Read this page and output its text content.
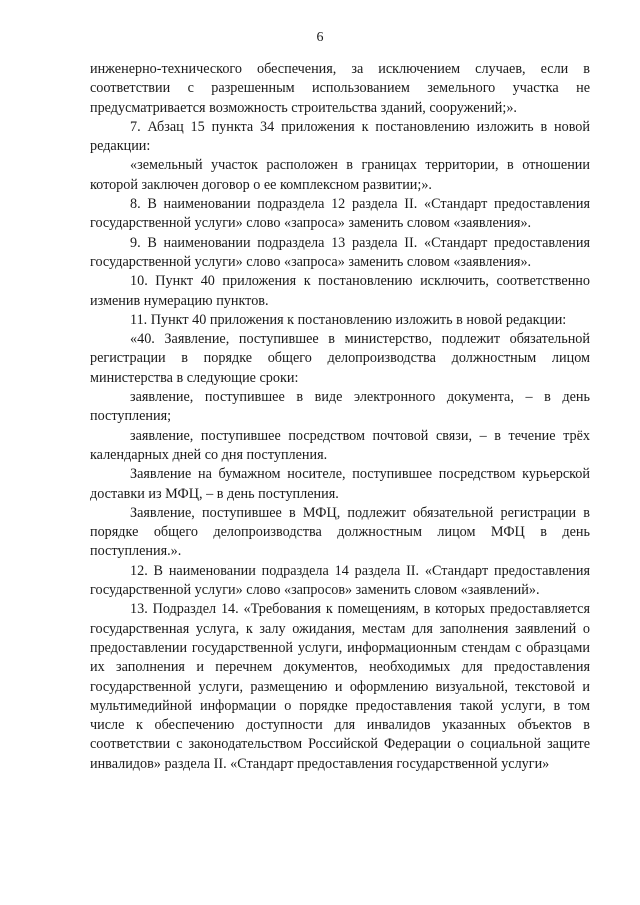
6

инженерно-технического обеспечения, за исключением случаев, если в соответствии с разрешенным использованием земельного участка не предусматривается возможность строительства зданий, сооружений;».

7. Абзац 15 пункта 34 приложения к постановлению изложить в новой редакции:

«земельный участок расположен в границах территории, в отношении которой заключен договор о ее комплексном развитии;».

8. В наименовании подраздела 12 раздела II. «Стандарт предоставления государственной услуги» слово «запроса» заменить словом «заявления».

9. В наименовании подраздела 13 раздела II. «Стандарт предоставления государственной услуги» слово «запроса» заменить словом «заявления».

10. Пункт 40 приложения к постановлению исключить, соответственно изменив нумерацию пунктов.

11. Пункт 40 приложения к постановлению изложить в новой редакции:

«40. Заявление, поступившее в министерство, подлежит обязательной регистрации в порядке общего делопроизводства должностным лицом министерства в следующие сроки:

заявление, поступившее в виде электронного документа, – в день поступления;

заявление, поступившее посредством почтовой связи, – в течение трёх календарных дней со дня поступления.

Заявление на бумажном носителе, поступившее посредством курьерской доставки из МФЦ, – в день поступления.

Заявление, поступившее в МФЦ, подлежит обязательной регистрации в порядке общего делопроизводства должностным лицом МФЦ в день поступления.».

12. В наименовании подраздела 14 раздела II. «Стандарт предоставления государственной услуги» слово «запросов» заменить словом «заявлений».

13. Подраздел 14. «Требования к помещениям, в которых предоставляется государственная услуга, к залу ожидания, местам для заполнения заявлений о предоставлении государственной услуги, информационным стендам с образцами их заполнения и перечнем документов, необходимых для предоставления государственной услуги, размещению и оформлению визуальной, текстовой и мультимедийной информации о порядке предоставления такой услуги, в том числе к обеспечению доступности для инвалидов указанных объектов в соответствии с законодательством Российской Федерации о социальной защите инвалидов» раздела II. «Стандарт предоставления государственной услуги»
